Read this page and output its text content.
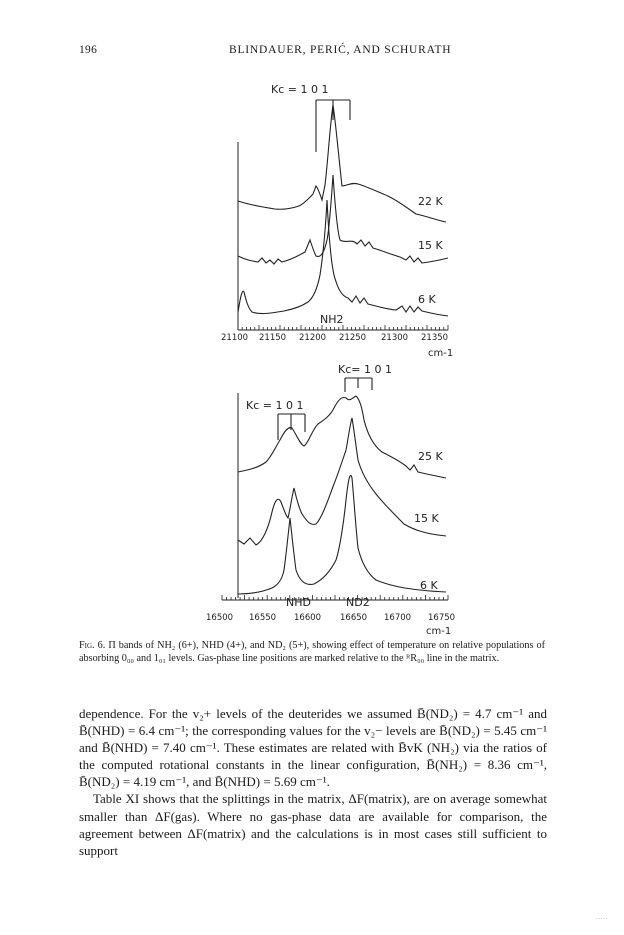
196	BLINDAUER, PERIĆ, AND SCHURATH
Kc = 1 0 1
22 K
15 K
6 K
NH2
21100 21150 21200 21250 21300 21350
cm-1
Kc= 1 0 1
Kc = 1 0 1
25 K
15 K
6 K
NHD	ND2
16500 16550 16600 16650 16700 16750
cm-1
Fig. 6. Π bands of NH₂ (6+), NHD (4+), and ND₂ (5+), showing effect of temperature on relative populations of absorbing 0₀₀ and 1₀₁ levels. Gas-phase line positions are marked relative to the ᴿR₀₀ line in the matrix.

dependence. For the v₂+ levels of the deuterides we assumed B̄(ND₂) = 4.7 cm⁻¹ and B̄(NHD) = 6.4 cm⁻¹; the corresponding values for the v₂− levels are B̄(ND₂) = 5.45 cm⁻¹ and B̄(NHD) = 7.40 cm⁻¹. These estimates are related with B̄vK (NH₂) via the ratios of the computed rotational constants in the linear configuration, B̄(NH₂) = 8.36 cm⁻¹, B̄(ND₂) = 4.19 cm⁻¹, and B̄(NHD) = 5.69 cm⁻¹.

Table XI shows that the splittings in the matrix, ΔF(matrix), are on average somewhat smaller than ΔF(gas). Where no gas-phase data are available for comparison, the agreement between ΔF(matrix) and the calculations is in most cases still sufficient to support

.....
